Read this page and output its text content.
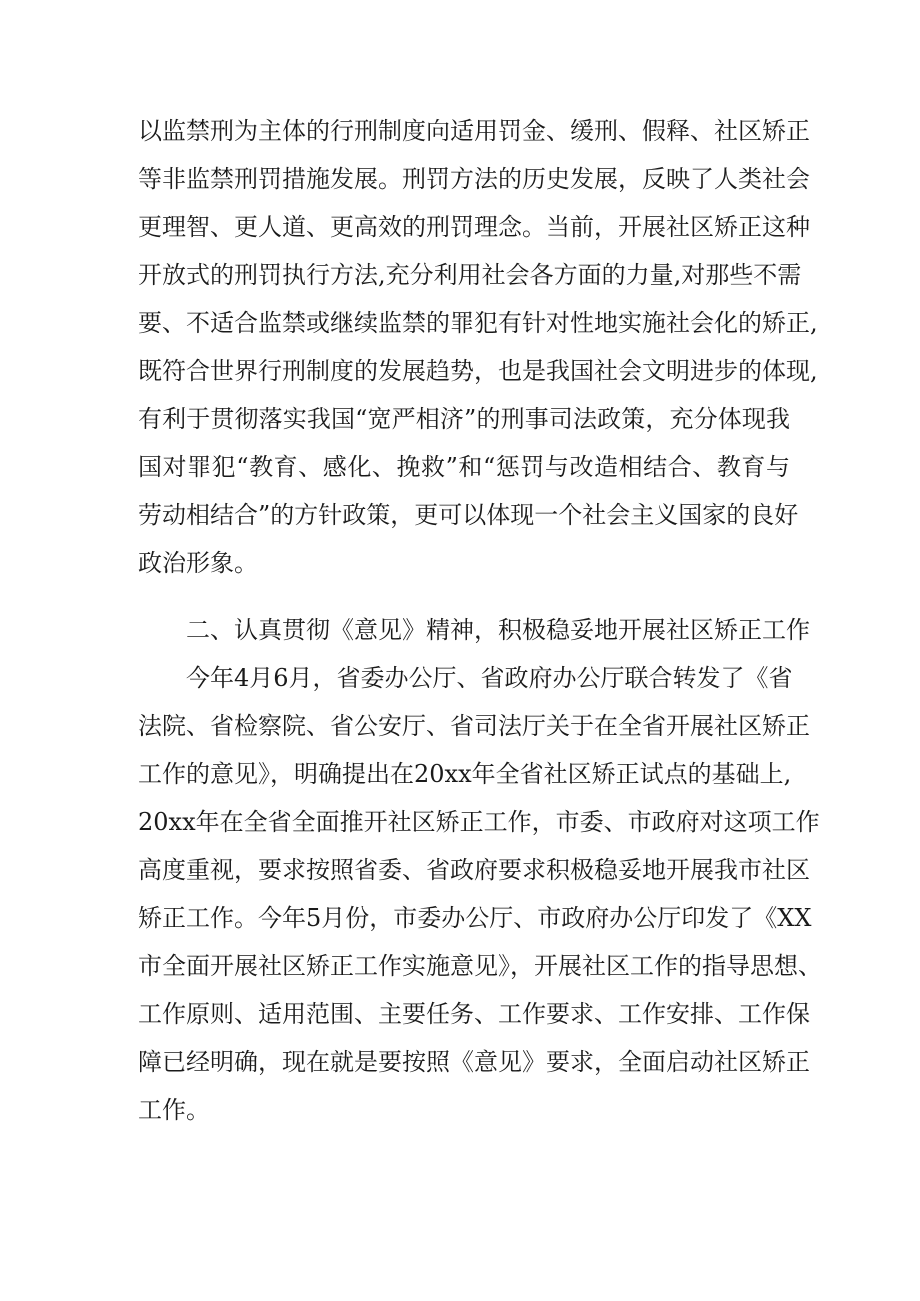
以监禁刑为主体的行刑制度向适用罚金、缓刑、假释、社区矫正
等非监禁刑罚措施发展。刑罚方法的历史发展，反映了人类社会
更理智、更人道、更高效的刑罚理念。当前，开展社区矫正这种
开放式的刑罚执行方法,充分利用社会各方面的力量,对那些不需
要、不适合监禁或继续监禁的罪犯有针对性地实施社会化的矫正,
既符合世界行刑制度的发展趋势，也是我国社会文明进步的体现,
有利于贯彻落实我国“宽严相济”的刑事司法政策，充分体现我
国对罪犯“教育、感化、挽救”和“惩罚与改造相结合、教育与
劳动相结合”的方针政策，更可以体现一个社会主义国家的良好
政治形象。
二、认真贯彻《意见》精神，积极稳妥地开展社区矫正工作
今年4月6月，省委办公厅、省政府办公厅联合转发了《省
法院、省检察院、省公安厅、省司法厅关于在全省开展社区矫正
工作的意见》，明确提出在20xx年全省社区矫正试点的基础上,
20xx年在全省全面推开社区矫正工作，市委、市政府对这项工作
高度重视，要求按照省委、省政府要求积极稳妥地开展我市社区
矫正工作。今年5月份，市委办公厅、市政府办公厅印发了《XX
市全面开展社区矫正工作实施意见》，开展社区工作的指导思想、
工作原则、适用范围、主要任务、工作要求、工作安排、工作保
障已经明确，现在就是要按照《意见》要求，全面启动社区矫正
工作。
